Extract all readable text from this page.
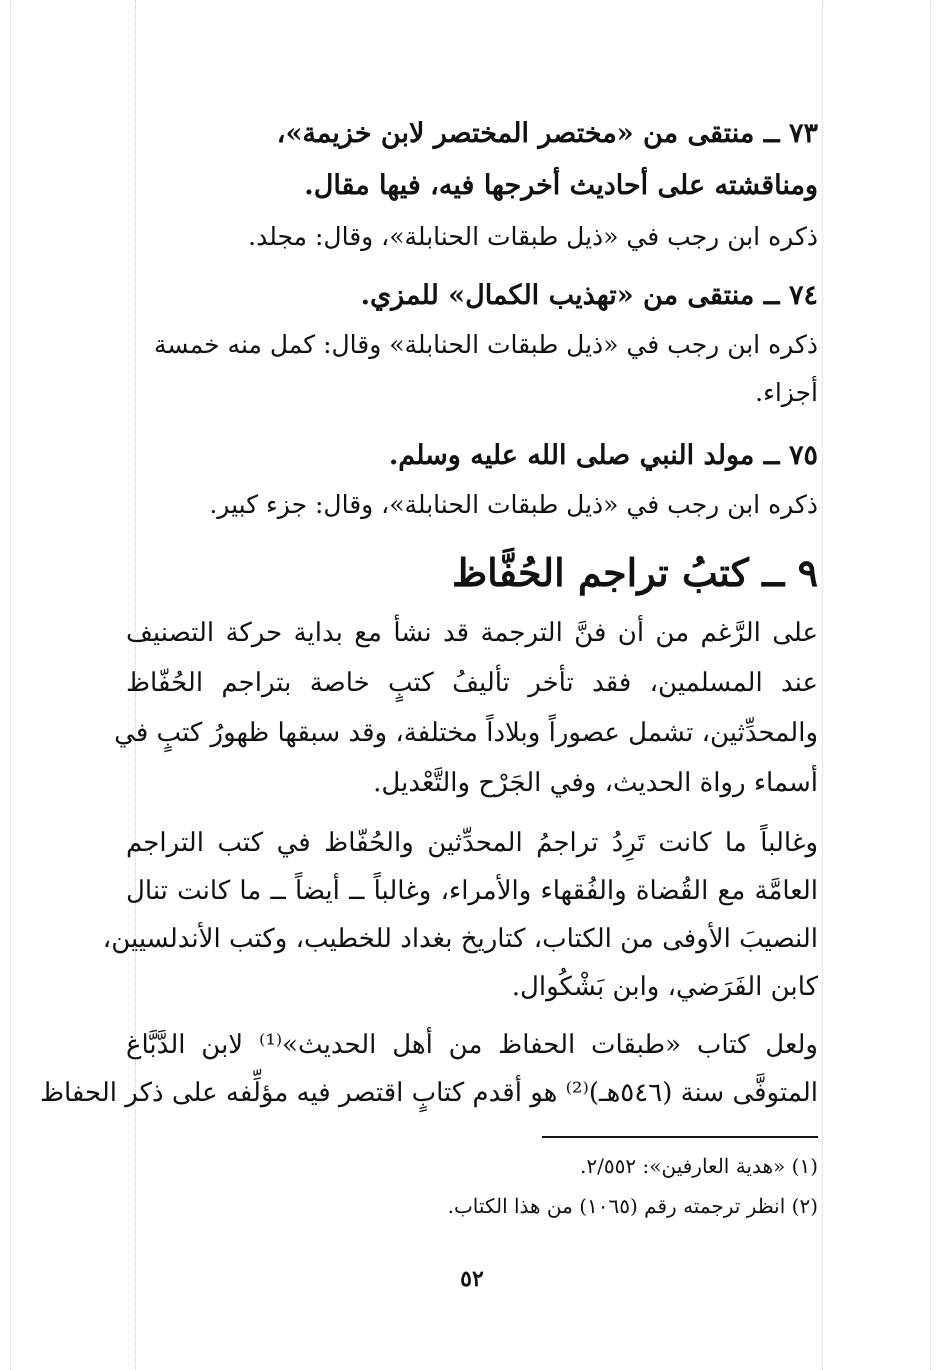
٧٣ ــ منتقى من «مختصر المختصر لابن خزيمة»،
ومناقشته على أحاديث أخرجها فيه، فيها مقال.
ذكره ابن رجب في «ذيل طبقات الحنابلة»، وقال: مجلد.
٧٤ ــ منتقى من «تهذيب الكمال» للمزي.
ذكره ابن رجب في «ذيل طبقات الحنابلة» وقال: كمل منه خمسة
أجزاء.
٧٥ ــ مولد النبي صلى الله عليه وسلم.
ذكره ابن رجب في «ذيل طبقات الحنابلة»، وقال: جزء كبير.
٩ ــ كتبُ تراجم الحُفَّاظ
على الرَّغم من أن فنَّ الترجمة قد نشأ مع بداية حركة التصنيف
عند المسلمين، فقد تأخر تأليفُ كتبٍ خاصة بتراجم الحُفّاظ
والمحدِّثين، تشمل عصوراً وبلاداً مختلفة، وقد سبقها ظهورُ كتبٍ في
أسماء رواة الحديث، وفي الجَرْح والتَّعْديل.
وغالباً ما كانت تَرِدُ تراجمُ المحدِّثين والحُفّاظ في كتب التراجم
العامَّة مع القُضاة والفُقهاء والأمراء، وغالباً ــ أيضاً ــ ما كانت تنال
النصيبَ الأوفى من الكتاب، كتاريخ بغداد للخطيب، وكتب الأندلسيين،
كابن الفَرَضي، وابن بَشْكُوال.
ولعل كتاب «طبقات الحفاظ من أهل الحديث»⁽¹⁾ لابن الدَّبَّاغ
المتوفَّى سنة (٥٤٦هـ)⁽²⁾ هو أقدم كتابٍ اقتصر فيه مؤلِّفه على ذكر الحفاظ
(١) «هدية العارفين»: ٢/٥٥٢.
(٢) انظر ترجمته رقم (١٠٦٥) من هذا الكتاب.
٥٢
